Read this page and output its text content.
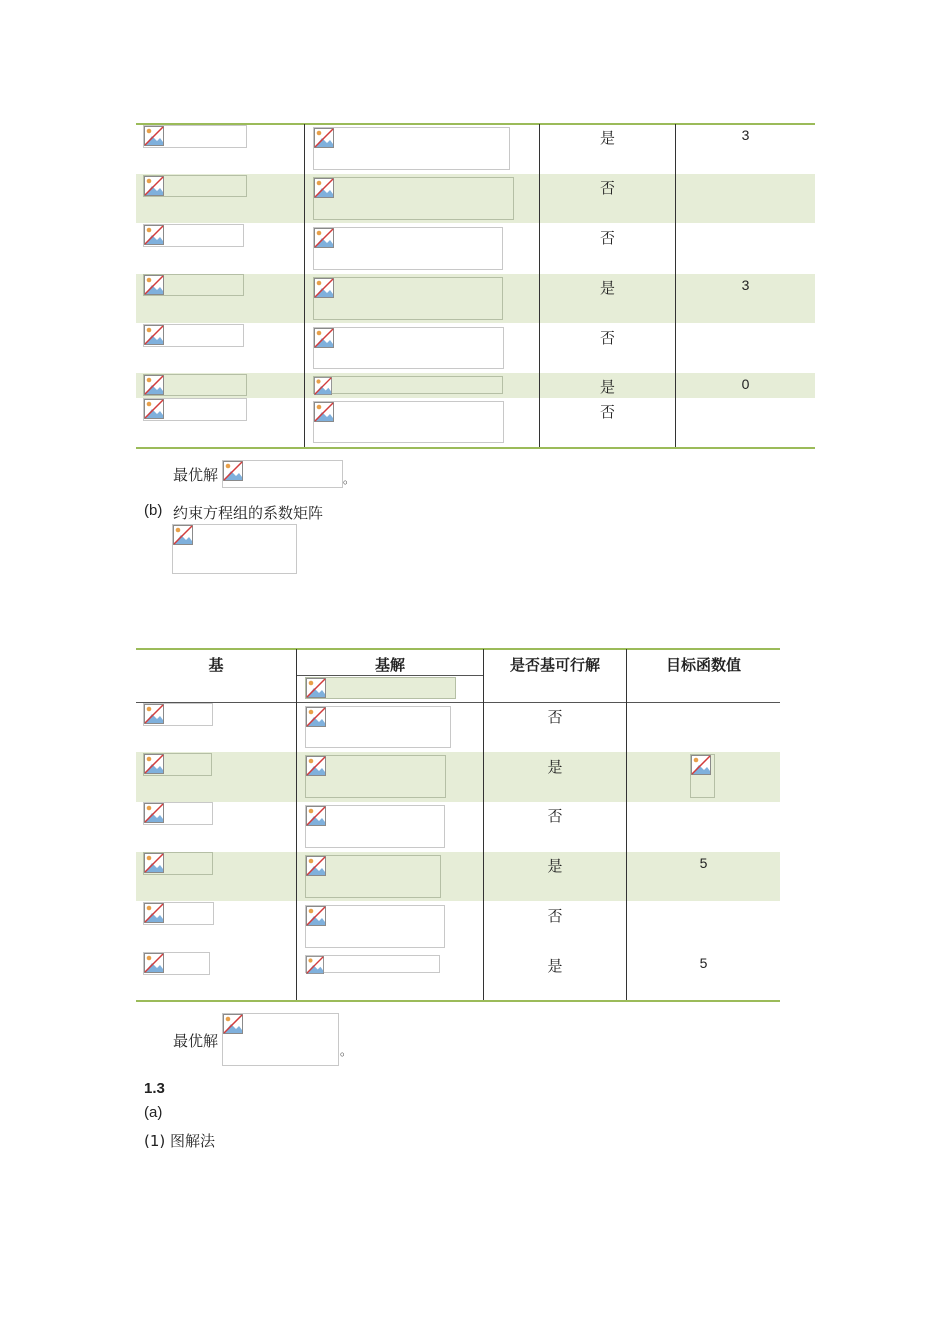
是	3
否
否
是	3
否
是	0
否
最优解	。
(b) 约束方程组的系数矩阵
基	基解	是否基可行解	目标函数值
否
是
否
是	5
否
是	5
最优解
。
1.3
(a)
(1) 图解法
